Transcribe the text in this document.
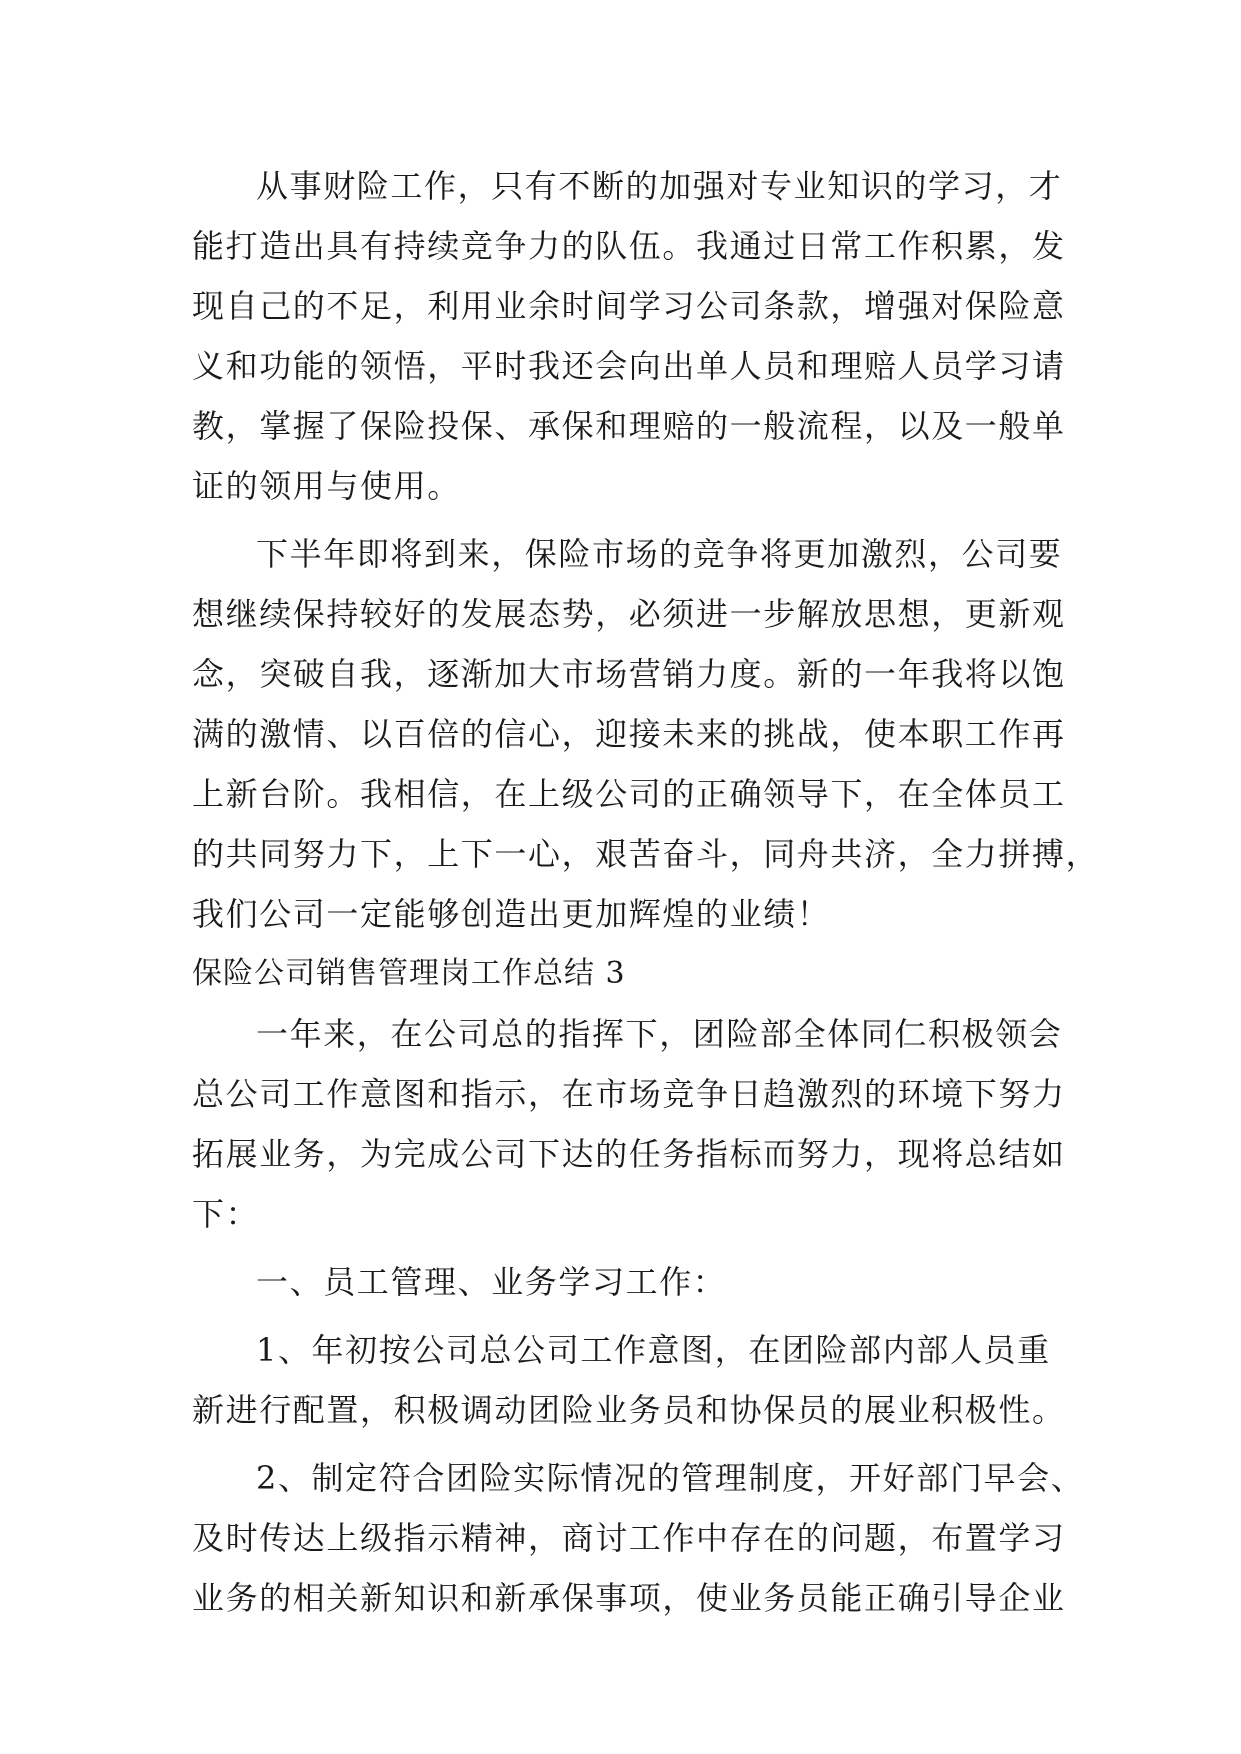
从事财险工作，只有不断的加强对专业知识的学习，才
能打造出具有持续竞争力的队伍。我通过日常工作积累，发
现自己的不足，利用业余时间学习公司条款，增强对保险意
义和功能的领悟，平时我还会向出单人员和理赔人员学习请
教，掌握了保险投保、承保和理赔的一般流程，以及一般单
证的领用与使用。
下半年即将到来，保险市场的竞争将更加激烈，公司要
想继续保持较好的发展态势，必须进一步解放思想，更新观
念，突破自我，逐渐加大市场营销力度。新的一年我将以饱
满的激情、以百倍的信心，迎接未来的挑战，使本职工作再
上新台阶。我相信，在上级公司的正确领导下，在全体员工
的共同努力下，上下一心，艰苦奋斗，同舟共济，全力拼搏，
我们公司一定能够创造出更加辉煌的业绩！
保险公司销售管理岗工作总结 3
一年来，在公司总的指挥下，团险部全体同仁积极领会
总公司工作意图和指示，在市场竞争日趋激烈的环境下努力
拓展业务，为完成公司下达的任务指标而努力，现将总结如
下：
一、员工管理、业务学习工作：
1、年初按公司总公司工作意图，在团险部内部人员重
新进行配置，积极调动团险业务员和协保员的展业积极性。
2、制定符合团险实际情况的管理制度，开好部门早会、
及时传达上级指示精神，商讨工作中存在的问题，布置学习
业务的相关新知识和新承保事项，使业务员能正确引导企业
